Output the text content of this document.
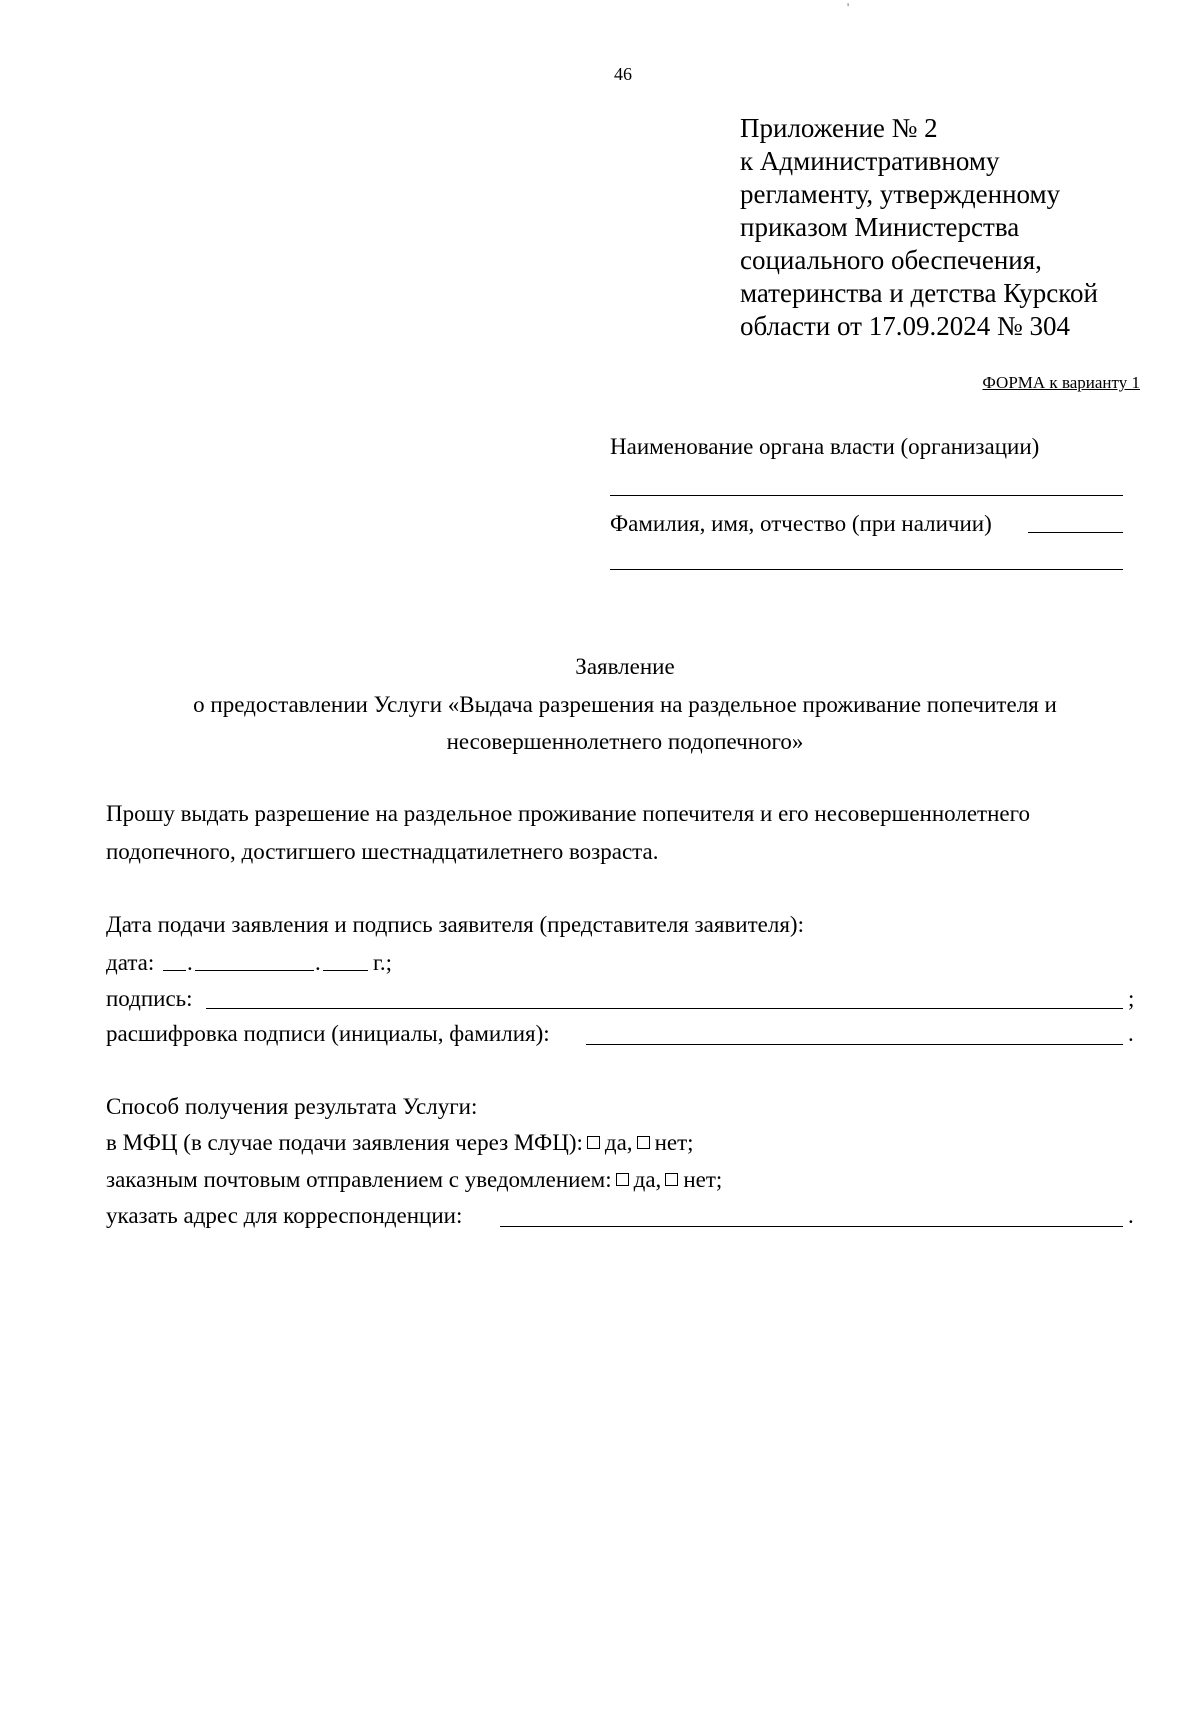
'
46
Приложение № 2
к Административному
регламенту, утвержденному
приказом Министерства
социального обеспечения,
материнства и детства Курской
области от 17.09.2024 № 304
ФОРМА к варианту 1
Наименование органа власти (организации)
Фамилия, имя, отчество (при наличии)
Заявление
о предоставлении Услуги «Выдача разрешения на раздельное проживание попечителя и
несовершеннолетнего подопечного»
Прошу выдать разрешение на раздельное проживание попечителя и его несовершеннолетнего
подопечного, достигшего шестнадцатилетнего возраста.
Дата подачи заявления и подпись заявителя (представителя заявителя):
дата: .	. г.;
подпись:	;
расшифровка подписи (инициалы, фамилия):	.
Способ получения результата Услуги:
в МФЦ (в случае подачи заявления через МФЦ): да, нет;
заказным почтовым отправлением с уведомлением: да, нет;
указать адрес для корреспонденции:	.
